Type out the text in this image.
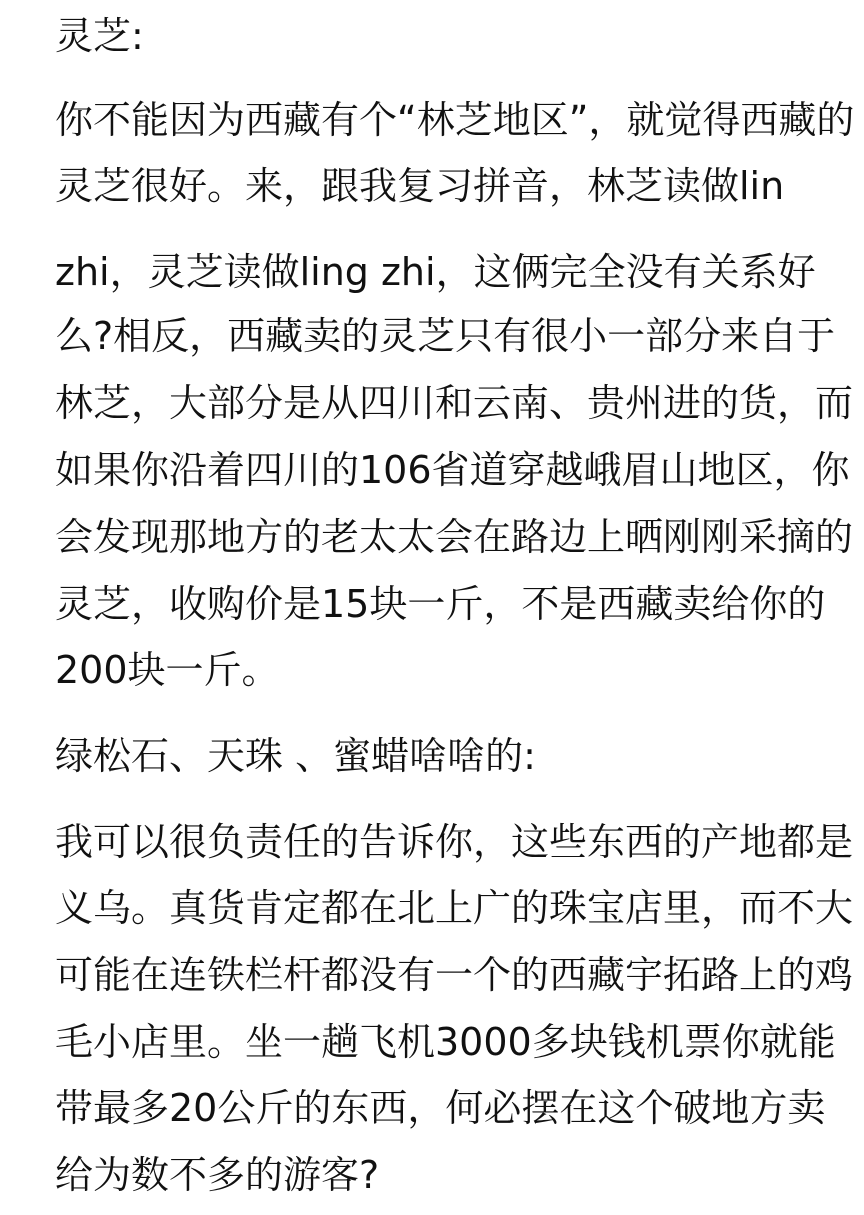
灵芝:
你不能因为西藏有个“林芝地区”，就觉得西藏的
灵芝很好。来，跟我复习拼音，林芝读做lin
zhi，灵芝读做ling zhi，这俩完全没有关系好
么?相反，西藏卖的灵芝只有很小一部分来自于
林芝，大部分是从四川和云南、贵州进的货，而
如果你沿着四川的106省道穿越峨眉山地区，你
会发现那地方的老太太会在路边上晒刚刚采摘的
灵芝，收购价是15块一斤，不是西藏卖给你的
200块一斤。
绿松石、天珠 、蜜蜡啥啥的:
我可以很负责任的告诉你，这些东西的产地都是
义乌。真货肯定都在北上广的珠宝店里，而不大
可能在连铁栏杆都没有一个的西藏宇拓路上的鸡
毛小店里。坐一趟飞机3000多块钱机票你就能
带最多20公斤的东西，何必摆在这个破地方卖
给为数不多的游客?
